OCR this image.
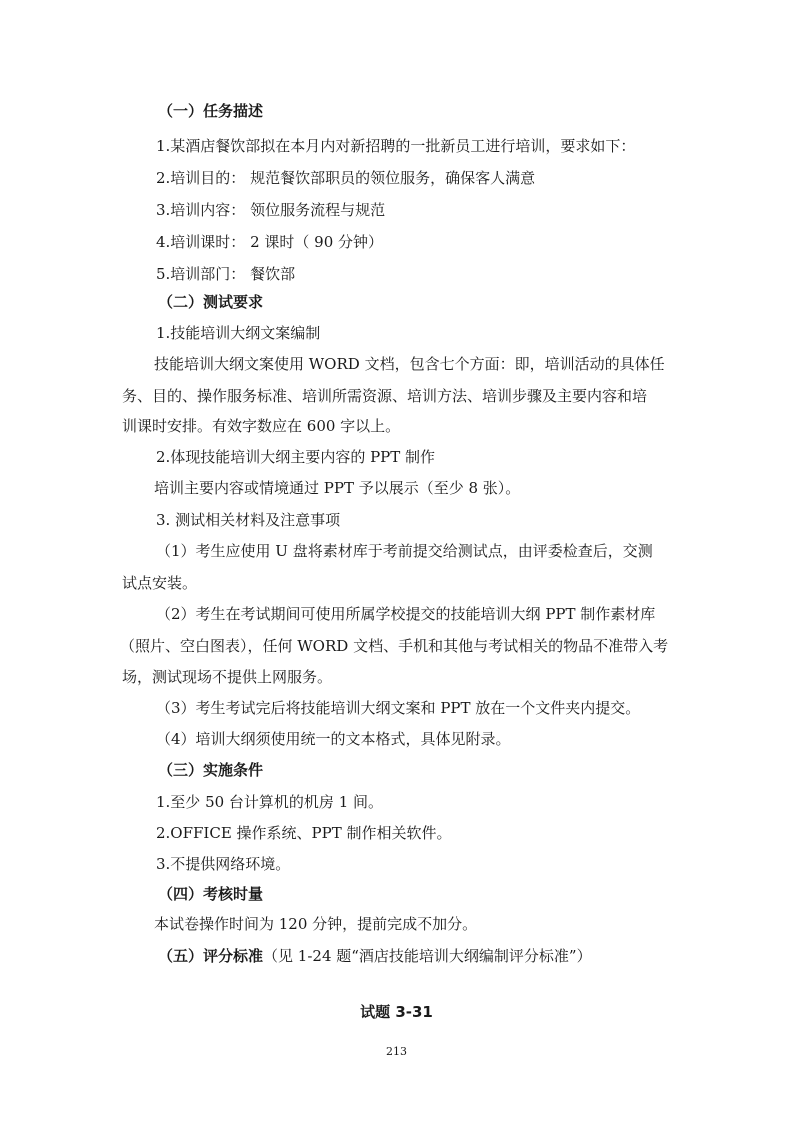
（一）任务描述
1.某酒店餐饮部拟在本月内对新招聘的一批新员工进行培训，要求如下：
2.培训目的： 规范餐饮部职员的领位服务，确保客人满意
3.培训内容： 领位服务流程与规范
4.培训课时： 2 课时（ 90 分钟）
5.培训部门： 餐饮部
（二）测试要求
1.技能培训大纲文案编制
技能培训大纲文案使用 WORD 文档，包含七个方面：即，培训活动的具体任
务、目的、操作服务标准、培训所需资源、培训方法、培训步骤及主要内容和培
训课时安排。有效字数应在 600 字以上。
2.体现技能培训大纲主要内容的 PPT 制作
培训主要内容或情境通过 PPT 予以展示（至少 8 张）。
3. 测试相关材料及注意事项
（1）考生应使用 U 盘将素材库于考前提交给测试点，由评委检查后，交测
试点安装。
（2）考生在考试期间可使用所属学校提交的技能培训大纲 PPT 制作素材库
（照片、空白图表），任何 WORD 文档、手机和其他与考试相关的物品不准带入考
场，测试现场不提供上网服务。
（3）考生考试完后将技能培训大纲文案和 PPT 放在一个文件夹内提交。
（4）培训大纲须使用统一的文本格式，具体见附录。
（三）实施条件
1.至少 50 台计算机的机房 1 间。
2.OFFICE 操作系统、PPT 制作相关软件。
3.不提供网络环境。
（四）考核时量
本试卷操作时间为 120 分钟，提前完成不加分。
（五）评分标准（见 1-24 题“酒店技能培训大纲编制评分标准”）
试题 3-31
213
